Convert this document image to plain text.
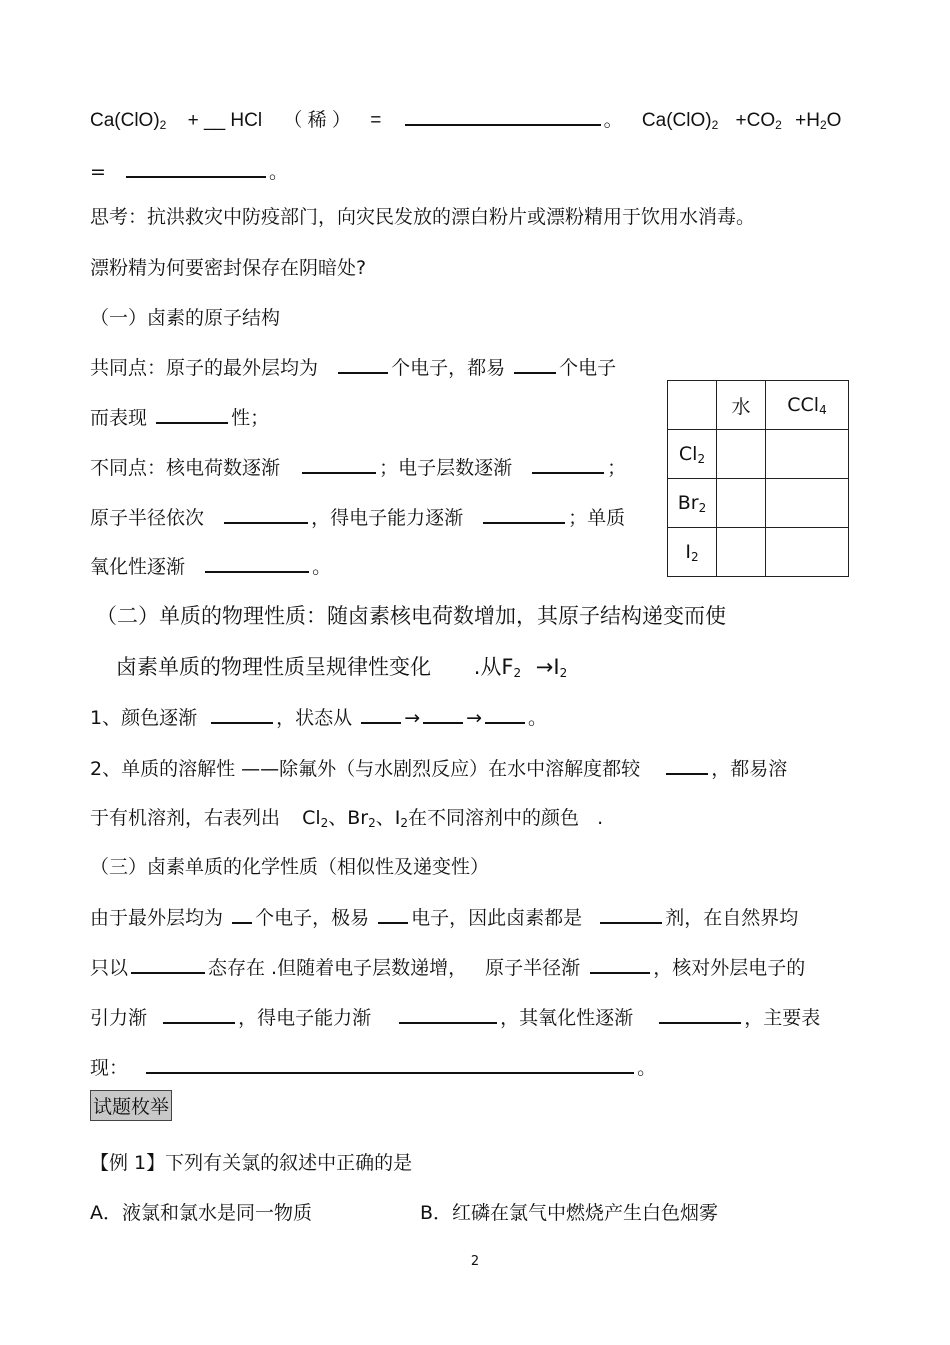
Ca(ClO)2 + __ HCl （ 稀 ） =	。 Ca(ClO)2 +CO2 +H2O
=	。
思考：抗洪救灾中防疫部门，向灾民发放的漂白粉片或漂粉精用于饮用水消毒。
漂粉精为何要密封保存在阴暗处?
（一）卤素的原子结构
共同点：原子的最外层均为	个电子，都易	个电子
而表现	性；
不同点：核电荷数逐渐	；电子层数逐渐	；
原子半径依次	，得电子能力逐渐	；单质
氧化性逐渐	。
	水	CCl4
Cl2		
Br2		
I2		
（二）单质的物理性质：随卤素核电荷数增加，其原子结构递变而使
卤素单质的物理性质呈规律性变化 .从F2 →I2
1、颜色逐渐	，状态从	→ → 。
2、单质的溶解性 ——除氟外（与水剧烈反应）在水中溶解度都较	，都易溶
于有机溶剂，右表列出 Cl2、Br2、I2在不同溶剂中的颜色 .
（三）卤素单质的化学性质（相似性及递变性）
由于最外层均为 个电子，极易 电子，因此卤素都是	剂，在自然界均
只以	态存在 .但随着电子层数递增， 原子半径渐	，核对外层电子的
引力渐	，得电子能力渐	，其氧化性逐渐	，主要表
现：	。
试题枚举
【例 1】下列有关氯的叙述中正确的是
A．液氯和氯水是同一物质	B．红磷在氯气中燃烧产生白色烟雾
2
